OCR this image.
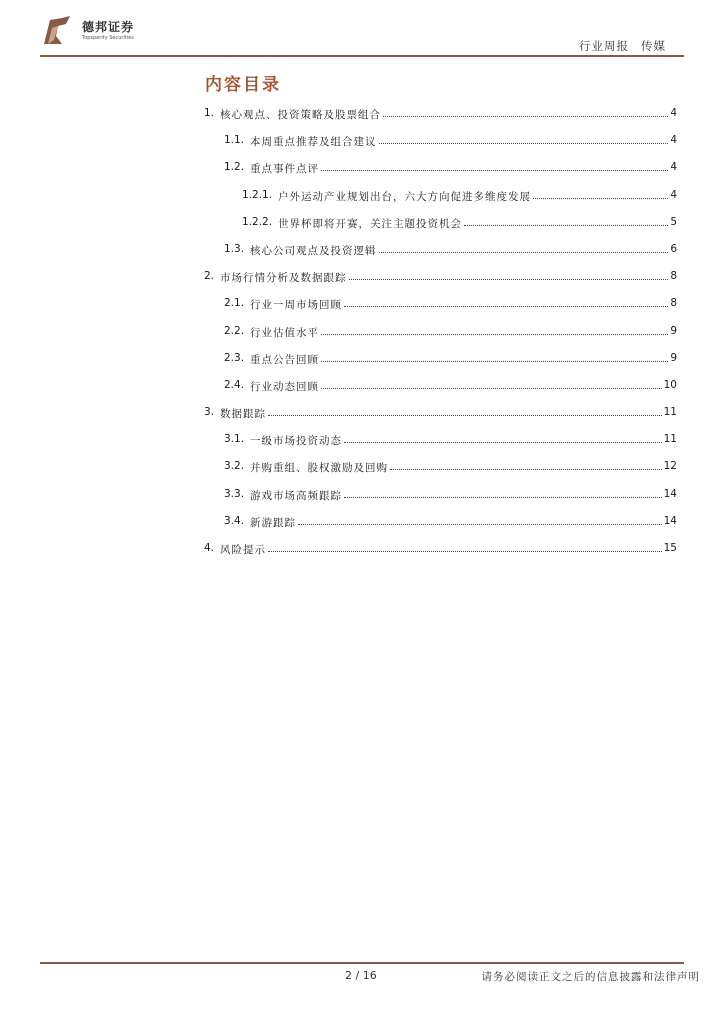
德邦证券
Topsperity Securities
行业周报 传媒
内容目录
1. 核心观点、投资策略及股票组合	4
1.1. 本周重点推荐及组合建议	4
1.2. 重点事件点评	4
1.2.1. 户外运动产业规划出台，六大方向促进多维度发展	4
1.2.2. 世界杯即将开赛，关注主题投资机会	5
1.3. 核心公司观点及投资逻辑	6
2. 市场行情分析及数据跟踪	8
2.1. 行业一周市场回顾	8
2.2. 行业估值水平	9
2.3. 重点公告回顾	9
2.4. 行业动态回顾	10
3. 数据跟踪	11
3.1. 一级市场投资动态	11
3.2. 并购重组、股权激励及回购	12
3.3. 游戏市场高频跟踪	14
3.4. 新游跟踪	14
4. 风险提示	15
2 / 16	请务必阅读正文之后的信息披露和法律声明
